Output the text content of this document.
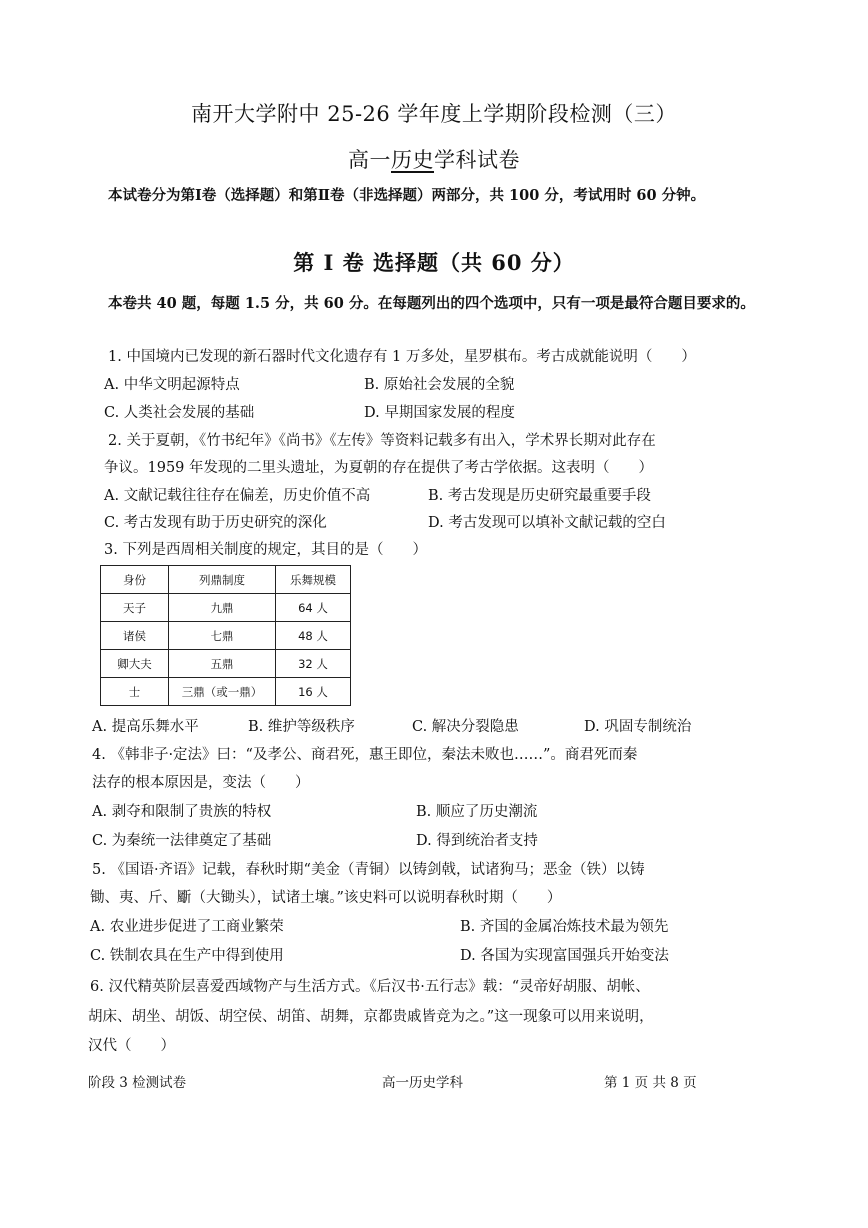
南开大学附中 25-26 学年度上学期阶段检测（三）
高一历史学科试卷
本试卷分为第Ⅰ卷（选择题）和第Ⅱ卷（非选择题）两部分，共 100 分，考试用时 60 分钟。
第 Ⅰ 卷 选择题（共 60 分）
本卷共 40 题，每题 1.5 分，共 60 分。在每题列出的四个选项中，只有一项是最符合题目要求的。
1. 中国境内已发现的新石器时代文化遗存有 1 万多处，星罗棋布。考古成就能说明（　　）
A. 中华文明起源特点	B. 原始社会发展的全貌
C. 人类社会发展的基础	D. 早期国家发展的程度
2. 关于夏朝，《竹书纪年》《尚书》《左传》等资料记载多有出入，学术界长期对此存在
争议。1959 年发现的二里头遗址，为夏朝的存在提供了考古学依据。这表明（　　）
A. 文献记载往往存在偏差，历史价值不高	B. 考古发现是历史研究最重要手段
C. 考古发现有助于历史研究的深化	D. 考古发现可以填补文献记载的空白
3. 下列是西周相关制度的规定，其目的是（　　）
身份	列鼎制度	乐舞规模
天子	九鼎	64 人
诸侯	七鼎	48 人
卿大夫	五鼎	32 人
士	三鼎（或一鼎）	16 人
A. 提高乐舞水平	B. 维护等级秩序	C. 解决分裂隐患	D. 巩固专制统治
4. 《韩非子·定法》曰：“及孝公、商君死，惠王即位，秦法未败也……”。商君死而秦
法存的根本原因是，变法（　　）
A. 剥夺和限制了贵族的特权	B. 顺应了历史潮流
C. 为秦统一法律奠定了基础	D. 得到统治者支持
5. 《国语·齐语》记载，春秋时期“美金（青铜）以铸剑戟，试诸狗马；恶金（铁）以铸
锄、夷、斤、斸（大锄头），试诸土壤。”该史料可以说明春秋时期（　　）
A. 农业进步促进了工商业繁荣	B. 齐国的金属冶炼技术最为领先
C. 铁制农具在生产中得到使用	D. 各国为实现富国强兵开始变法
6. 汉代精英阶层喜爱西域物产与生活方式。《后汉书·五行志》载：“灵帝好胡服、胡帐、
胡床、胡坐、胡饭、胡空侯、胡笛、胡舞，京都贵戚皆竞为之。”这一现象可以用来说明，
汉代（　　）
阶段 3 检测试卷	高一历史学科	第 1 页 共 8 页
